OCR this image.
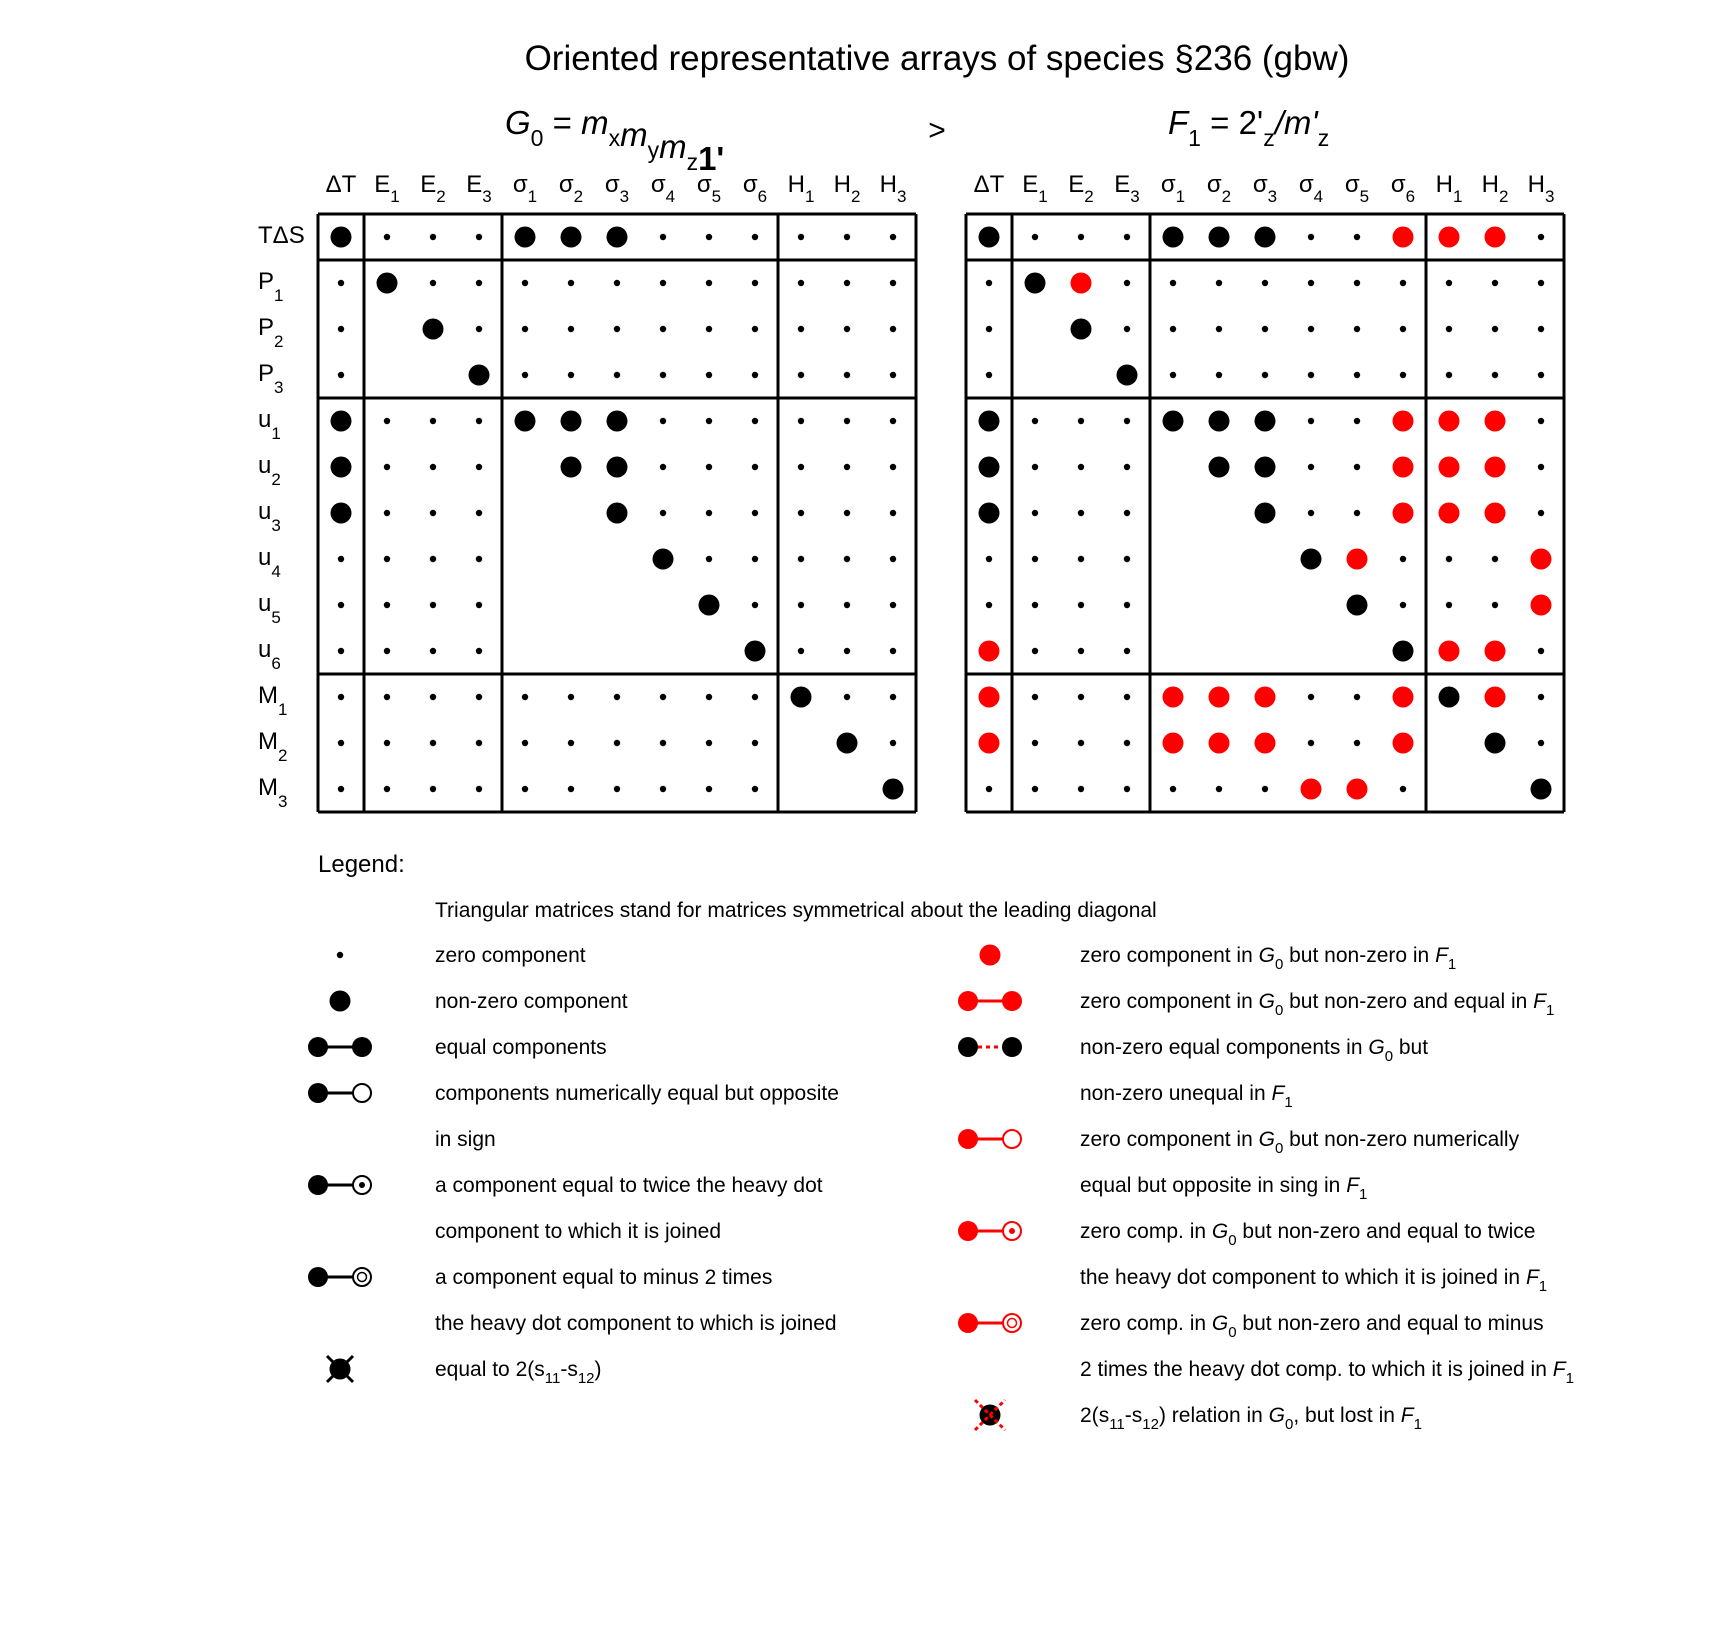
Oriented representative arrays of species §236 (gbw)
$G_0 = m_xm_ym_z1'$
>	$F_1 = 2'_z/m'_z$
ΔT $E_1$ $E_2$ $E_3$ $\sigma_1$ $\sigma_2$ $\sigma_3$ $\sigma_4$ $\sigma_5$ $\sigma_6$ $H_1$ $H_2$ $H_3$
TΔS
$P_1$
$P_2$
$P_3$
$u_1$
$u_2$
$u_3$
$u_4$
$u_5$
$u_6$
$M_1$
$M_2$
$M_3$
ΔT $E_1$ $E_2$ $E_3$ $\sigma_1$ $\sigma_2$ $\sigma_3$ $\sigma_4$ $\sigma_5$ $\sigma_6$ $H_1$ $H_2$ $H_3$
Legend:
Triangular matrices stand for matrices symmetrical about the leading diagonal
zero component
non-zero component
equal components
components numerically equal but opposite
in sign
a component equal to twice the heavy dot
component to which it is joined
a component equal to minus 2 times
the heavy dot component to which is joined
equal to $2(s_{11}-s_{12})$
zero component in $G_0$ but non-zero in $F_1$
zero component in $G_0$ but non-zero and equal in $F_1$
non-zero equal components in $G_0$ but
non-zero unequal in $F_1$
zero component in $G_0$ but non-zero numerically
equal but opposite in sing in $F_1$
zero comp. in $G_0$ but non-zero and equal to twice
the heavy dot component to which it is joined in $F_1$
zero comp. in $G_0$ but non-zero and equal to minus
2 times the heavy dot comp. to which it is joined in $F_1$
$2(s_{11}-s_{12})$ relation in $G_0$, but lost in $F_1$
